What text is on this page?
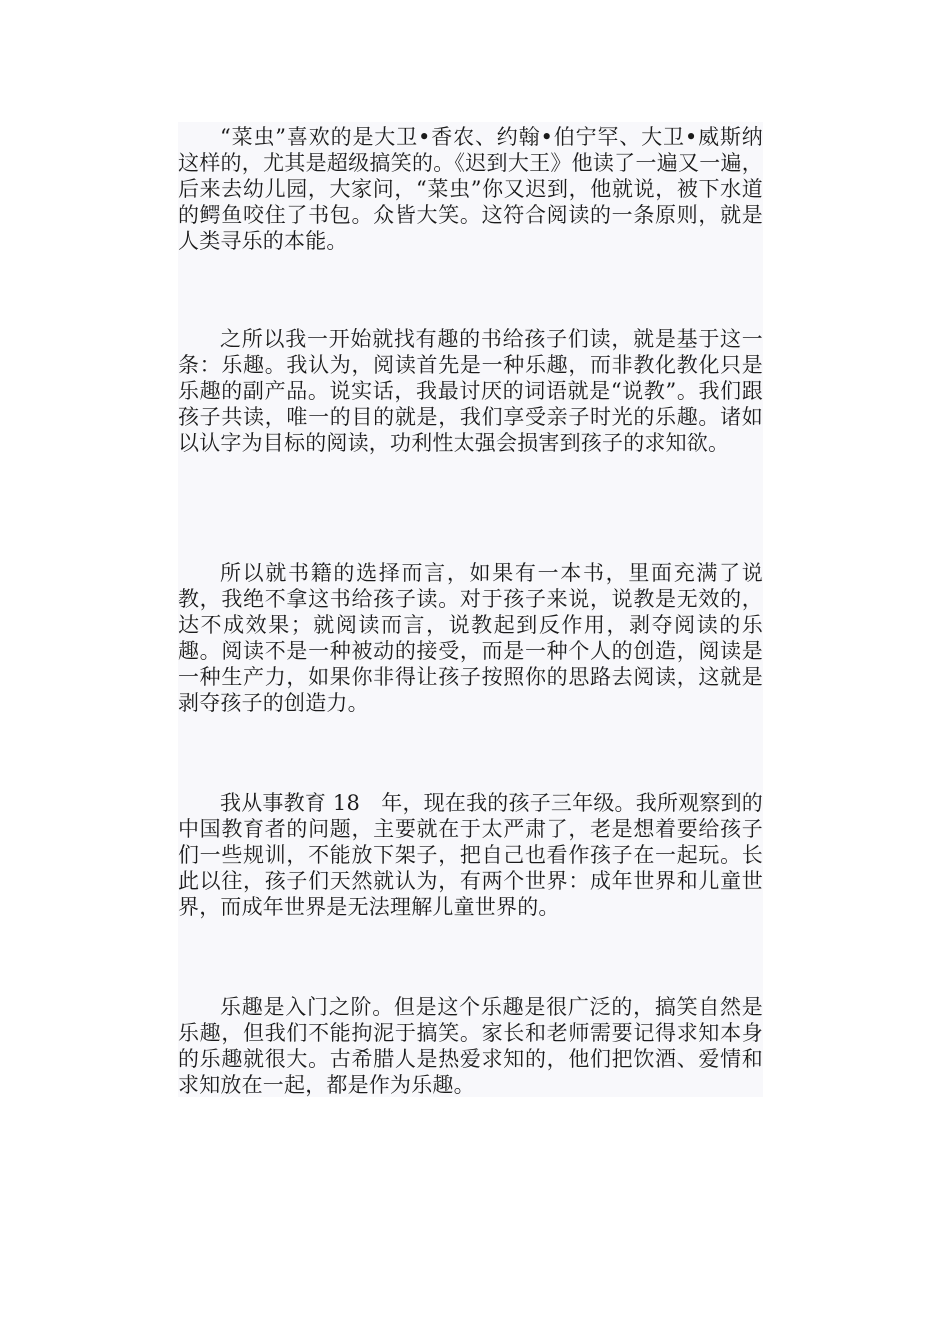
“菜虫”喜欢的是大卫•香农、约翰•伯宁罕、大卫•威斯纳这样的，尤其是超级搞笑的。《迟到大王》他读了一遍又一遍，后来去幼儿园，大家问，“菜虫”你又迟到，他就说，被下水道的鳄鱼咬住了书包。众皆大笑。这符合阅读的一条原则，就是人类寻乐的本能。

之所以我一开始就找有趣的书给孩子们读，就是基于这一条：乐趣。我认为，阅读首先是一种乐趣，而非教化教化只是乐趣的副产品。说实话，我最讨厌的词语就是“说教”。我们跟孩子共读，唯一的目的就是，我们享受亲子时光的乐趣。诸如以认字为目标的阅读，功利性太强会损害到孩子的求知欲。

所以就书籍的选择而言，如果有一本书，里面充满了说教，我绝不拿这书给孩子读。对于孩子来说，说教是无效的，达不成效果；就阅读而言，说教起到反作用，剥夺阅读的乐趣。阅读不是一种被动的接受，而是一种个人的创造，阅读是一种生产力，如果你非得让孩子按照你的思路去阅读，这就是剥夺孩子的创造力。

我从事教育 18　年，现在我的孩子三年级。我所观察到的中国教育者的问题，主要就在于太严肃了，老是想着要给孩子们一些规训，不能放下架子，把自己也看作孩子在一起玩。长此以往，孩子们天然就认为，有两个世界：成年世界和儿童世界，而成年世界是无法理解儿童世界的。

乐趣是入门之阶。但是这个乐趣是很广泛的，搞笑自然是乐趣，但我们不能拘泥于搞笑。家长和老师需要记得求知本身的乐趣就很大。古希腊人是热爱求知的，他们把饮酒、爱情和求知放在一起，都是作为乐趣。
